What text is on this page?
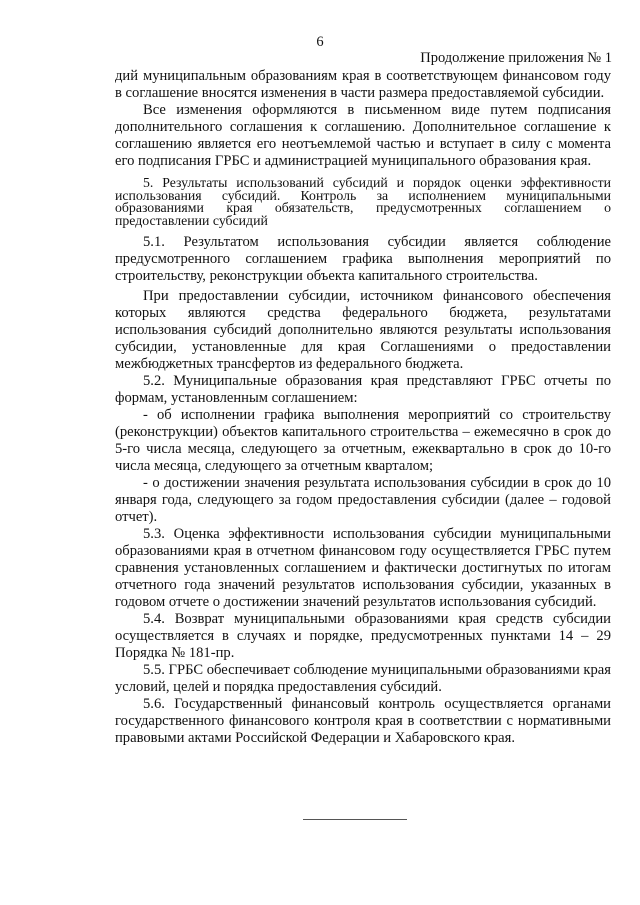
6
Продолжение приложения № 1

дий муниципальным образованиям края в соответствующем финансовом году в соглашение вносятся изменения в части размера предоставляемой субсидии.

Все изменения оформляются в письменном виде путем подписания дополнительного соглашения к соглашению. Дополнительное соглашение к соглашению является его неотъемлемой частью и вступает в силу с момента его подписания ГРБС и администрацией муниципального образования края.

5. Результаты использований субсидий и порядок оценки эффективности использования субсидий. Контроль за исполнением муниципальными образованиями края обязательств, предусмотренных соглашением о предоставлении субсидий

5.1. Результатом использования субсидии является соблюдение предусмотренного соглашением графика выполнения мероприятий по строительству, реконструкции объекта капитального строительства.

При предоставлении субсидии, источником финансового обеспечения которых являются средства федерального бюджета, результатами использования субсидий дополнительно являются результаты использования субсидии, установленные для края Соглашениями о предоставлении межбюджетных трансфертов из федерального бюджета.

5.2. Муниципальные образования края представляют ГРБС отчеты по формам, установленным соглашением:

- об исполнении графика выполнения мероприятий со строительству (реконструкции) объектов капитального строительства – ежемесячно в срок до 5-го числа месяца, следующего за отчетным, ежеквартально в срок до 10-го числа месяца, следующего за отчетным кварталом;

- о достижении значения результата использования субсидии в срок до 10 января года, следующего за годом предоставления субсидии (далее – годовой отчет).

5.3. Оценка эффективности использования субсидии муниципальными образованиями края в отчетном финансовом году осуществляется ГРБС путем сравнения установленных соглашением и фактически достигнутых по итогам отчетного года значений результатов использования субсидии, указанных в годовом отчете о достижении значений результатов использования субсидий.

5.4. Возврат муниципальными образованиями края средств субсидии осуществляется в случаях и порядке, предусмотренных пунктами 14 – 29 Порядка № 181-пр.

5.5. ГРБС обеспечивает соблюдение муниципальными образованиями края условий, целей и порядка предоставления субсидий.

5.6. Государственный финансовый контроль осуществляется органами государственного финансового контроля края в соответствии с нормативными правовыми актами Российской Федерации и Хабаровского края.
